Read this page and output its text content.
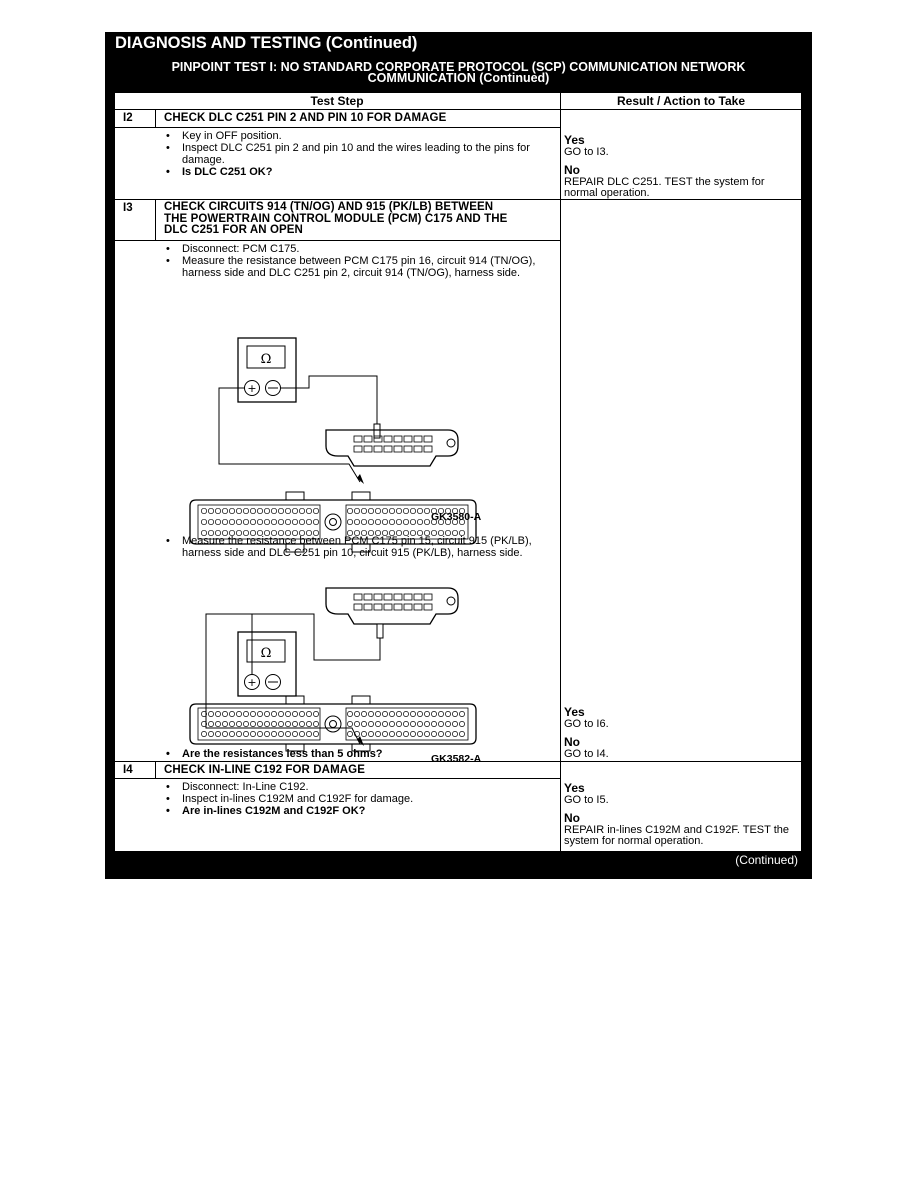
DIAGNOSIS AND TESTING (Continued)
PINPOINT TEST I: NO STANDARD CORPORATE PROTOCOL (SCP) COMMUNICATION NETWORK
COMMUNICATION (Continued)
Test Step	Result / Action to Take
I2	CHECK DLC C251 PIN 2 AND PIN 10 FOR DAMAGE
• Key in OFF position.
• Inspect DLC C251 pin 2 and pin 10 and the wires leading to the pins for damage.
• Is DLC C251 OK?
Yes
GO to I3.
No
REPAIR DLC C251. TEST the system for normal operation.
I3	CHECK CIRCUITS 914 (TN/OG) AND 915 (PK/LB) BETWEEN
THE POWERTRAIN CONTROL MODULE (PCM) C175 AND THE
DLC C251 FOR AN OPEN
• Disconnect: PCM C175.
• Measure the resistance between PCM C175 pin 16, circuit 914 (TN/OG), harness side and DLC C251 pin 2, circuit 914 (TN/OG), harness side.
Ω
+
GK3580-A
• Measure the resistance between PCM C175 pin 15, circuit 915 (PK/LB), harness side and DLC C251 pin 10, circuit 915 (PK/LB), harness side.
Ω
+
GK3582-A
• Are the resistances less than 5 ohms?
Yes
GO to I6.
No
GO to I4.
I4	CHECK IN-LINE C192 FOR DAMAGE
• Disconnect: In-Line C192.
• Inspect in-lines C192M and C192F for damage.
• Are in-lines C192M and C192F OK?
Yes
GO to I5.
No
REPAIR in-lines C192M and C192F. TEST the system for normal operation.
(Continued)
